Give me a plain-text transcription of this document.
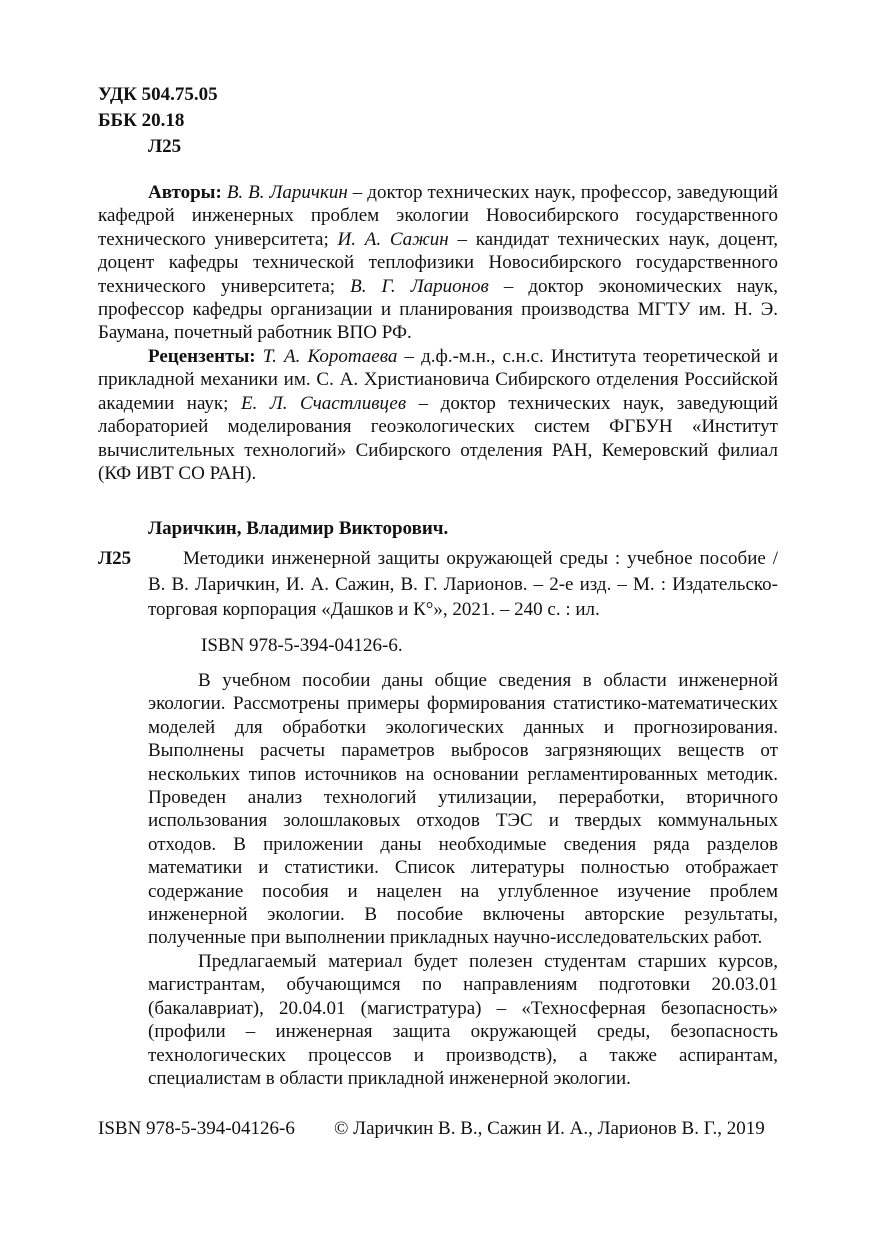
УДК 504.75.05
ББК 20.18
Л25

Авторы: В. В. Ларичкин – доктор технических наук, профессор, заведующий кафедрой инженерных проблем экологии Новосибирского государственного технического университета; И. А. Сажин – кандидат технических наук, доцент, доцент кафедры технической теплофизики Новосибирского государственного технического университета; В. Г. Ларионов – доктор экономических наук, профессор кафедры организации и планирования производства МГТУ им. Н. Э. Баумана, почетный работник ВПО РФ.

Рецензенты: Т. А. Коротаева – д.ф.-м.н., с.н.с. Института теоретической и прикладной механики им. С. А. Христиановича Сибирского отделения Российской академии наук; Е. Л. Счастливцев – доктор технических наук, заведующий лабораторией моделирования геоэкологических систем ФГБУН «Институт вычислительных технологий» Сибирского отделения РАН, Кемеровский филиал (КФ ИВТ СО РАН).

Ларичкин, Владимир Викторович.
Л25	Методики инженерной защиты окружающей среды : учебное пособие / В. В. Ларичкин, И. А. Сажин, В. Г. Ларионов. – 2-е изд. – М. : Издательско-торговая корпорация «Дашков и К°», 2021. – 240 с. : ил.
ISBN 978-5-394-04126-6.

В учебном пособии даны общие сведения в области инженерной экологии. Рассмотрены примеры формирования статистико-математических моделей для обработки экологических данных и прогнозирования. Выполнены расчеты параметров выбросов загрязняющих веществ от нескольких типов источников на основании регламентированных методик. Проведен анализ технологий утилизации, переработки, вторичного использования золошлаковых отходов ТЭС и твердых коммунальных отходов. В приложении даны необходимые сведения ряда разделов математики и статистики. Список литературы полностью отображает содержание пособия и нацелен на углубленное изучение проблем инженерной экологии. В пособие включены авторские результаты, полученные при выполнении прикладных научно-исследовательских работ.

Предлагаемый материал будет полезен студентам старших курсов, магистрантам, обучающимся по направлениям подготовки 20.03.01 (бакалавриат), 20.04.01 (магистратура) – «Техносферная безопасность» (профили – инженерная защита окружающей среды, безопасность технологических процессов и производств), а также аспирантам, специалистам в области прикладной инженерной экологии.

ISBN 978-5-394-04126-6 © Ларичкин В. В., Сажин И. А., Ларионов В. Г., 2019
